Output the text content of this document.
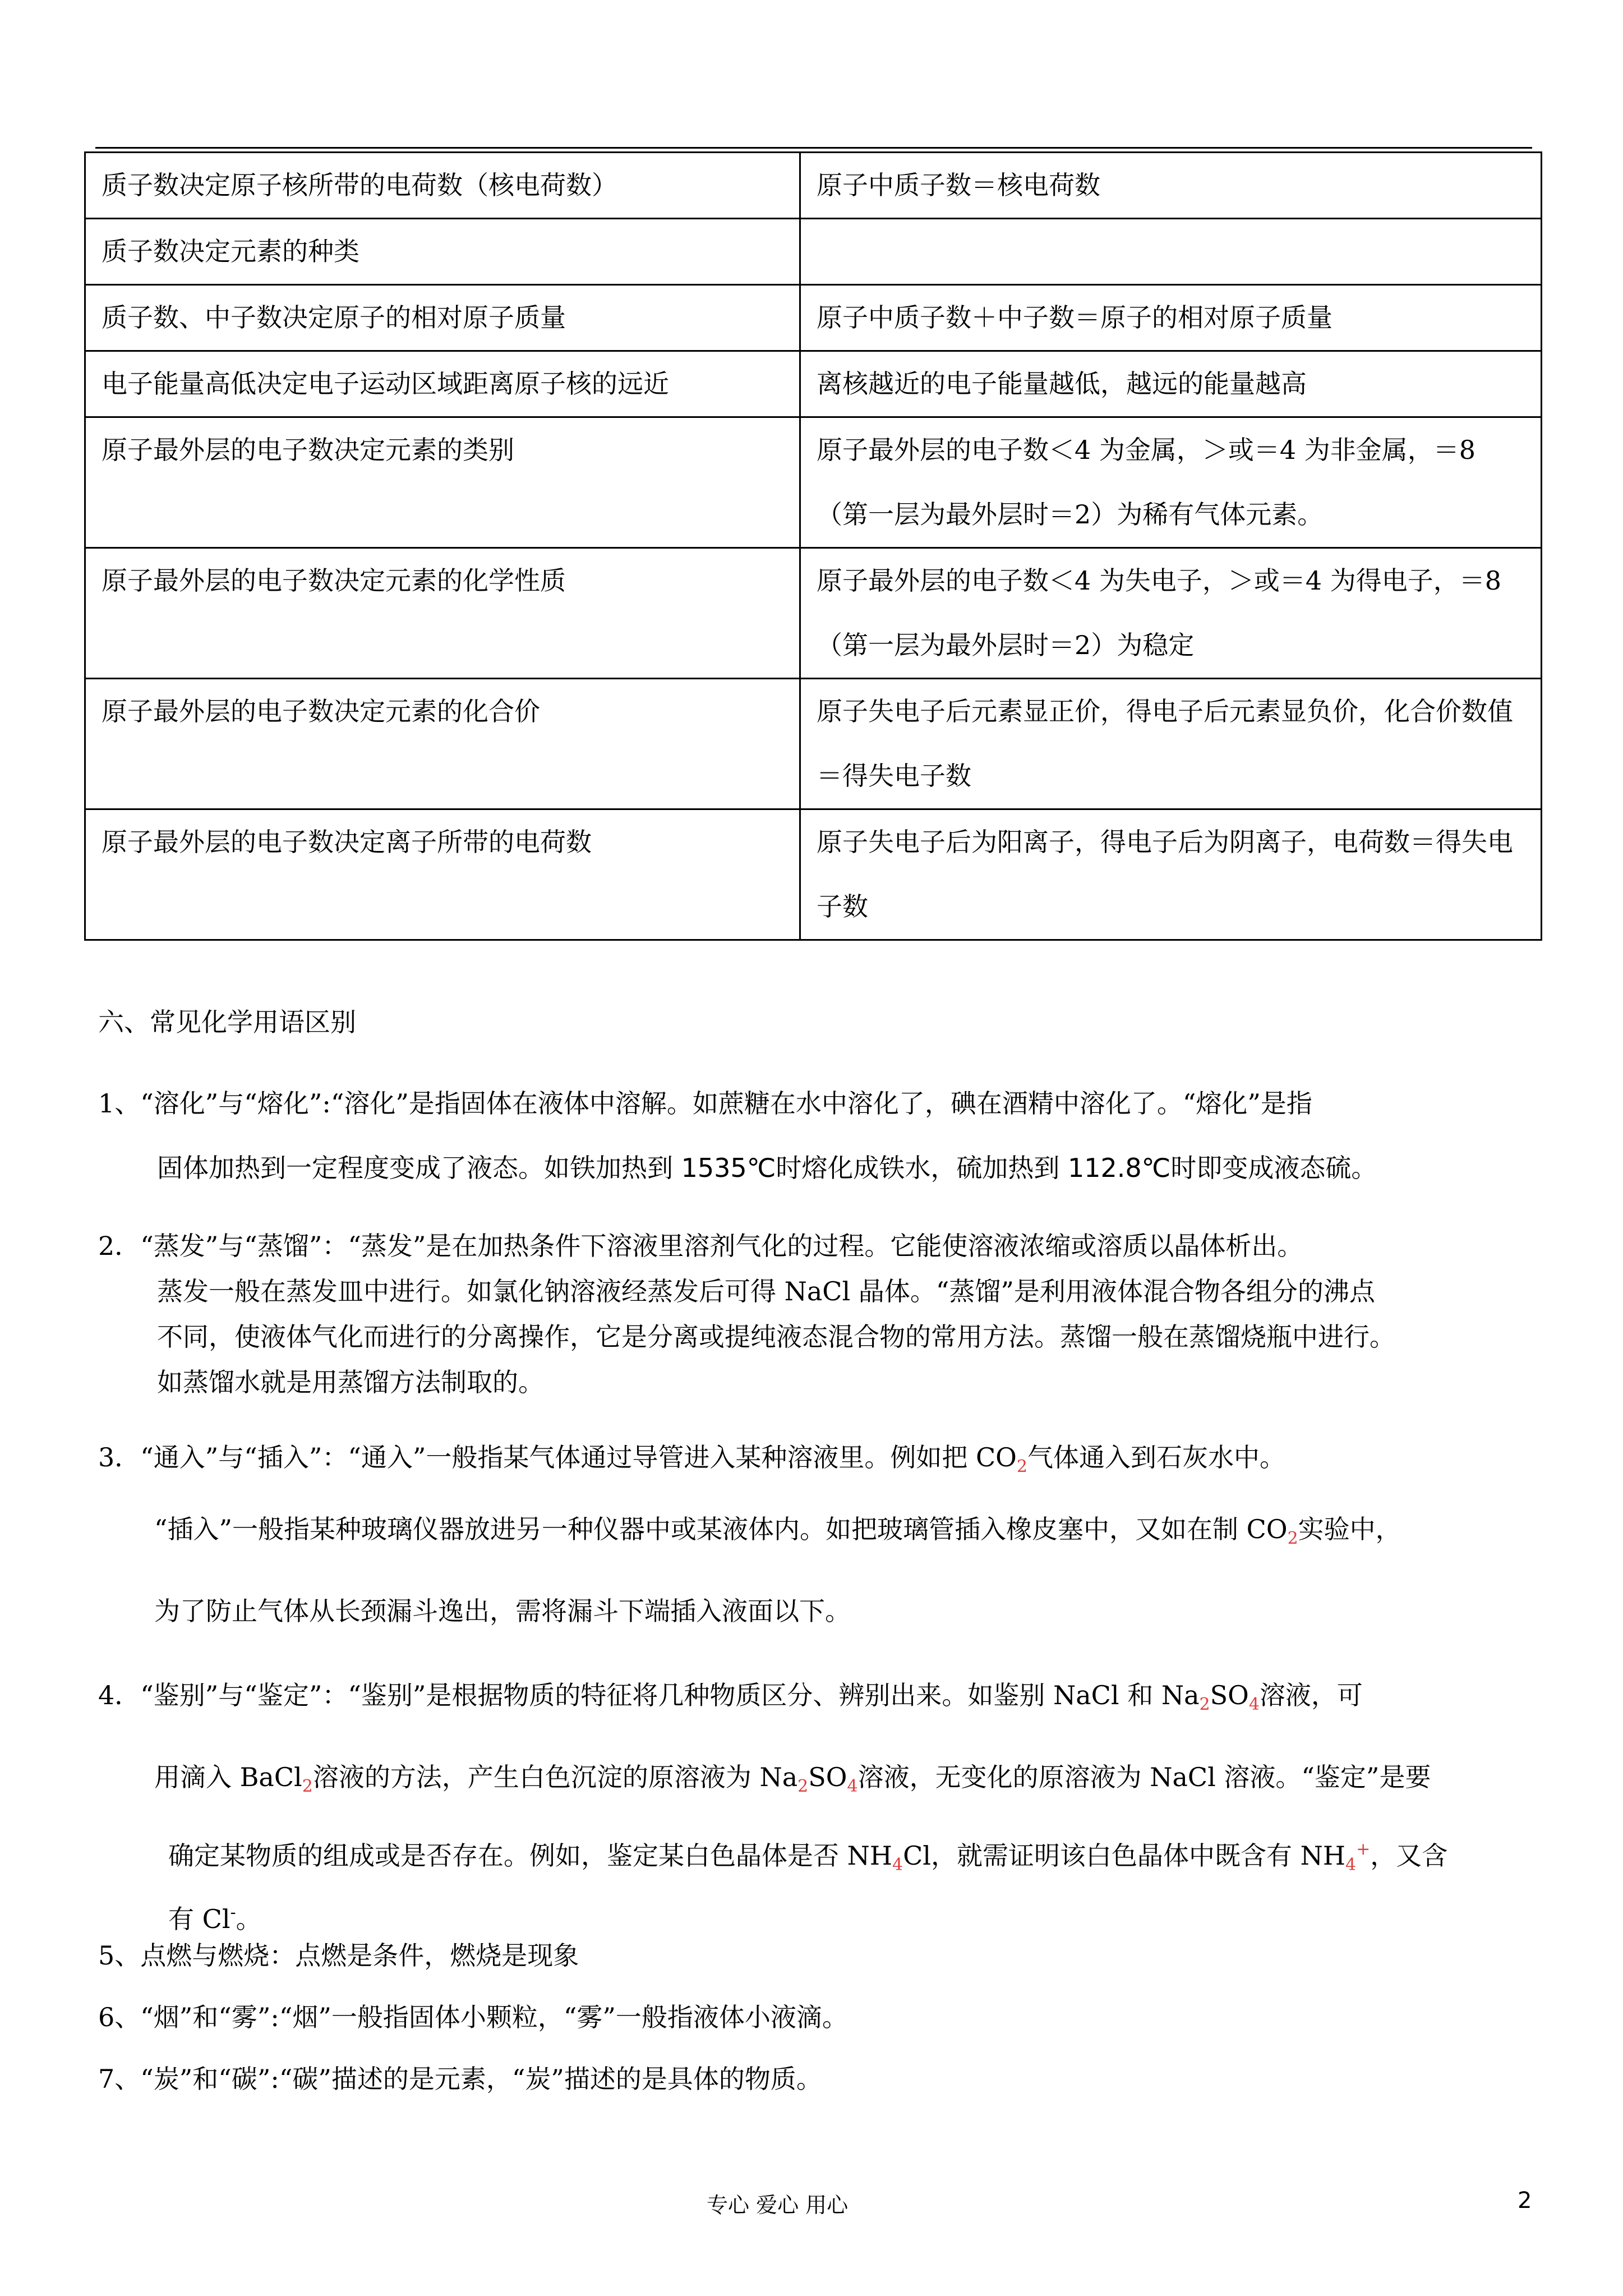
质子数决定原子核所带的电荷数（核电荷数）	原子中质子数＝核电荷数
质子数决定元素的种类	
质子数、中子数决定原子的相对原子质量	原子中质子数＋中子数＝原子的相对原子质量
电子能量高低决定电子运动区域距离原子核的远近	离核越近的电子能量越低，越远的能量越高
原子最外层的电子数决定元素的类别	原子最外层的电子数＜4 为金属，＞或＝4 为非金属，＝8（第一层为最外层时＝2）为稀有气体元素。
原子最外层的电子数决定元素的化学性质	原子最外层的电子数＜4 为失电子，＞或＝4 为得电子，＝8（第一层为最外层时＝2）为稳定
原子最外层的电子数决定元素的化合价	原子失电子后元素显正价，得电子后元素显负价，化合价数值＝得失电子数
原子最外层的电子数决定离子所带的电荷数	原子失电子后为阳离子，得电子后为阴离子，电荷数＝得失电子数
六、常见化学用语区别
1、“溶化”与“熔化”:“溶化”是指固体在液体中溶解。如蔗糖在水中溶化了，碘在酒精中溶化了。“熔化”是指
固体加热到一定程度变成了液态。如铁加热到 1535℃时熔化成铁水，硫加热到 112.8℃时即变成液态硫。
2．“蒸发”与“蒸馏”：“蒸发”是在加热条件下溶液里溶剂气化的过程。它能使溶液浓缩或溶质以晶体析出。
蒸发一般在蒸发皿中进行。如氯化钠溶液经蒸发后可得 NaCl 晶体。“蒸馏”是利用液体混合物各组分的沸点
不同，使液体气化而进行的分离操作，它是分离或提纯液态混合物的常用方法。蒸馏一般在蒸馏烧瓶中进行。
如蒸馏水就是用蒸馏方法制取的。
3．“通入”与“插入”：“通入”一般指某气体通过导管进入某种溶液里。例如把 $CO_2$气体通入到石灰水中。
“插入”一般指某种玻璃仪器放进另一种仪器中或某液体内。如把玻璃管插入橡皮塞中，又如在制 $CO_2$实验中，
为了防止气体从长颈漏斗逸出，需将漏斗下端插入液面以下。
4．“鉴别”与“鉴定”：“鉴别”是根据物质的特征将几种物质区分、辨别出来。如鉴别 NaCl 和 $Na_2SO_4$溶液，可
用滴入 BaCl$_2$溶液的方法，产生白色沉淀的原溶液为 $Na_2SO_4$溶液，无变化的原溶液为 NaCl 溶液。“鉴定”是要
确定某物质的组成或是否存在。例如，鉴定某白色晶体是否 $NH_4Cl$，就需证明该白色晶体中既含有 $NH_4^+$，又含
有 Cl-。
5、点燃与燃烧：点燃是条件，燃烧是现象
6、“烟”和“雾”:“烟”一般指固体小颗粒，“雾”一般指液体小液滴。
7、“炭”和“碳”:“碳”描述的是元素，“炭”描述的是具体的物质。
专心 爱心 用心	2
